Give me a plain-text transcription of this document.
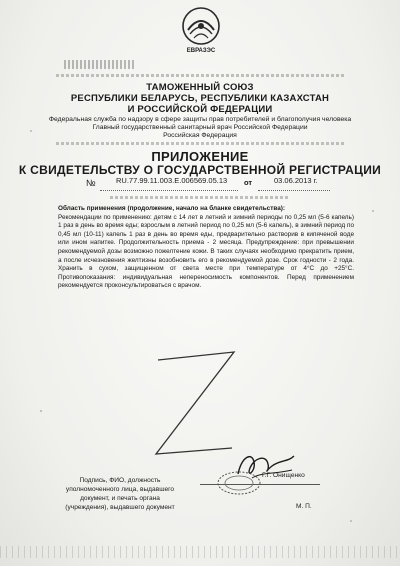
ЕВРАЗЭС
ТАМОЖЕННЫЙ СОЮЗ
РЕСПУБЛИКИ БЕЛАРУСЬ, РЕСПУБЛИКИ КАЗАХСТАН
И РОССИЙСКОЙ ФЕДЕРАЦИИ
Федеральная служба по надзору в сфере защиты прав потребителей и благополучия человека
Главный государственный санитарный врач Российской Федерации
Российская Федерация
ПРИЛОЖЕНИЕ
К СВИДЕТЕЛЬСТВУ О ГОСУДАРСТВЕННОЙ РЕГИСТРАЦИИ
№	RU.77.99.11.003.E.006569.05.13 от	03.06.2013 г.
Область применения (продолжение, начало на бланке свидетельства):
Рекомендации по применению: детям с 14 лет в летний и зимний периоды по 0,25 мл (5-6 капель) 1 раз в день во время еды; взрослым в летний период по 0,25 мл (5-6 капель), в зимний период по 0,45 мл (10-11) капель 1 раз в день во время еды, предварительно растворив в кипяченой воде или ином напитке. Продолжительность приема - 2 месяца. Предупреждение: при превышении рекомендуемой дозы возможно пожелтение кожи. В таких случаях необходимо прекратить прием, а после исчезновения желтизны возобновить его в рекомендуемой дозе. Срок годности - 2 года. Хранить в сухом, защищенном от света месте при температуре от 4°С до +25°С. Противопоказания: индивидуальная непереносимость компонентов. Перед применением рекомендуется проконсультироваться с врачом.
Подпись, ФИО, должность уполномоченного лица, выдавшего документ, и печать органа (учреждения), выдавшего документ
Г.Г. Онищенко
М. П.
